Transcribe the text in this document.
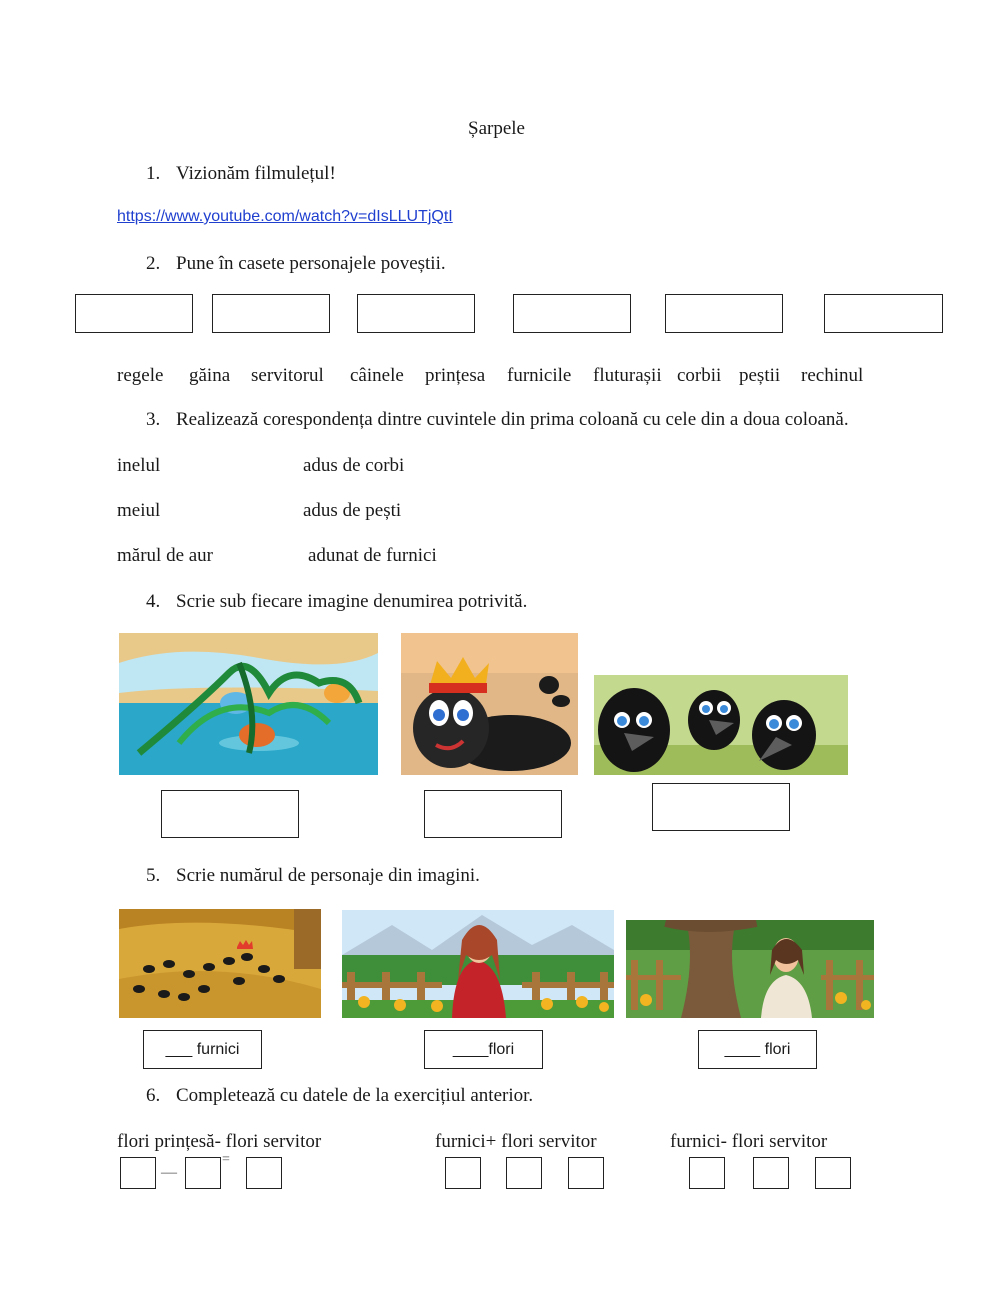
Șarpele
1. Vizionăm filmulețul!
https://www.youtube.com/watch?v=dIsLLUTjQtI
2. Pune în casete personajele poveștii.
regele găina servitorul câinele prințesa furnicile fluturașii corbii peștii rechinul
3. Realizează corespondența dintre cuvintele din prima coloană cu cele din a doua coloană.
inelul	adus de corbi
meiul	adus de pești
mărul de aur	adunat de furnici
4. Scrie sub fiecare imagine denumirea potrivită.
5. Scrie numărul de personaje din imagini.
___ furnici	____flori	____ flori
6. Completează cu datele de la exercițiul anterior.
flori prințesă- flori servitor	furnici+ flori servitor	furnici- flori servitor
—
=
